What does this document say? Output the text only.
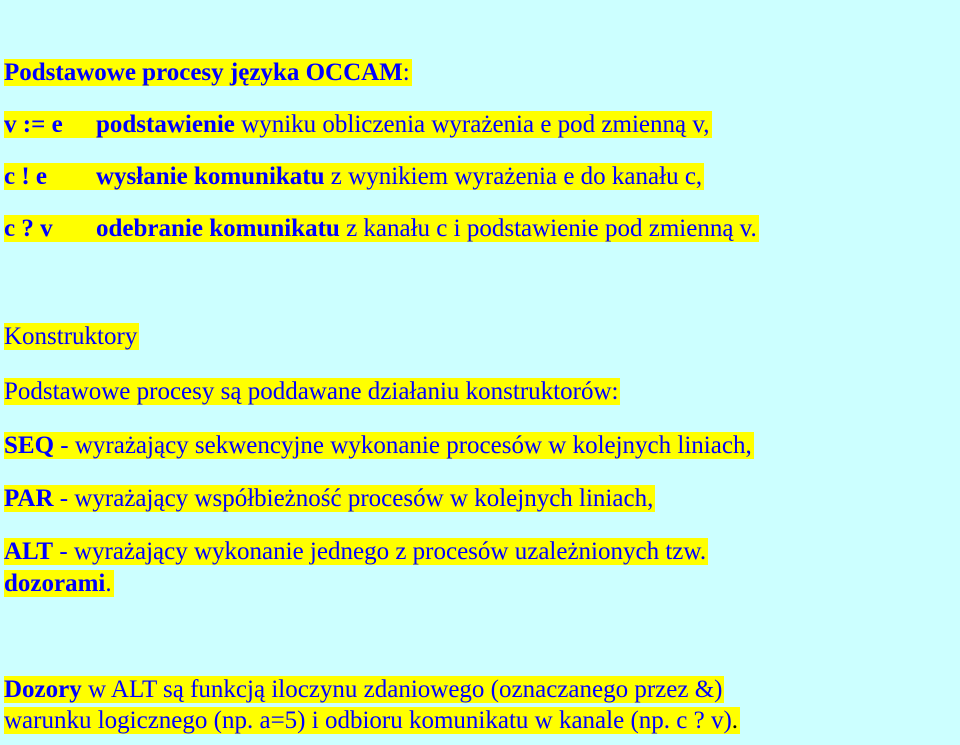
Podstawowe procesy języka OCCAM:
v := e podstawienie wyniku obliczenia wyrażenia e pod zmienną v,
c ! e wysłanie komunikatu z wynikiem wyrażenia e do kanału c,
c ? v odebranie komunikatu z kanału c i podstawienie pod zmienną v.
Konstruktory
Podstawowe procesy są poddawane działaniu konstruktorów:
SEQ - wyrażający sekwencyjne wykonanie procesów w kolejnych liniach,
PAR - wyrażający współbieżność procesów w kolejnych liniach,
ALT - wyrażający wykonanie jednego z procesów uzależnionych tzw.
dozorami.
Dozory w ALT są funkcją iloczynu zdaniowego (oznaczanego przez &)
warunku logicznego (np. a=5) i odbioru komunikatu w kanale (np. c ? v).
